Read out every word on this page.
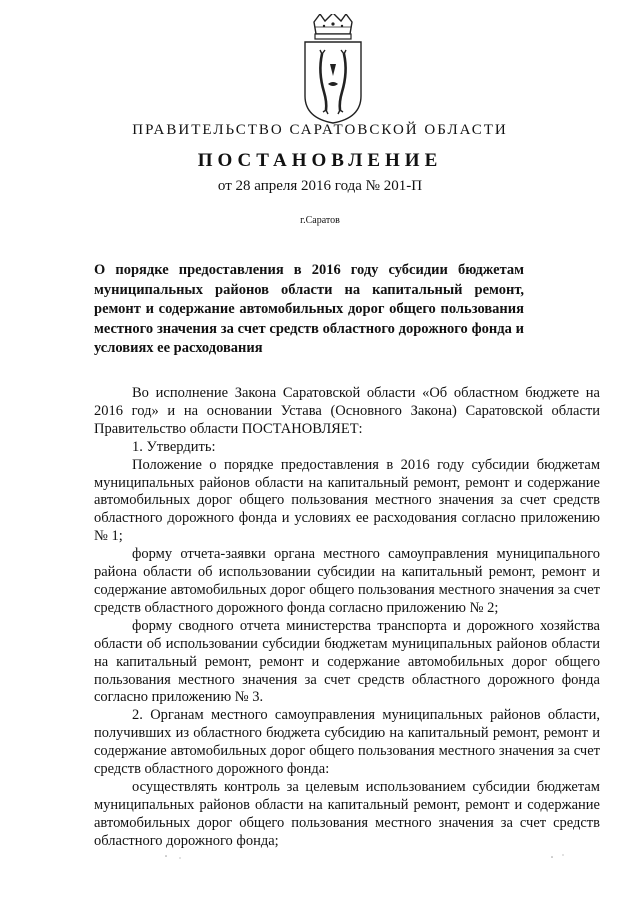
ПРАВИТЕЛЬСТВО САРАТОВСКОЙ ОБЛАСТИ
ПОСТАНОВЛЕНИЕ
от 28 апреля 2016 года № 201-П
г.Саратов
О порядке предоставления в 2016 году субсидии бюджетам муниципальных районов области на капитальный ремонт, ремонт и содержание автомобильных дорог общего пользования местного значения за счет средств областного дорожного фонда и условиях ее расходования

Во исполнение Закона Саратовской области «Об областном бюджете на 2016 год» и на основании Устава (Основного Закона) Саратовской области Правительство области ПОСТАНОВЛЯЕТ:

1. Утвердить:

Положение о порядке предоставления в 2016 году субсидии бюджетам муниципальных районов области на капитальный ремонт, ремонт и содержание автомобильных дорог общего пользования местного значения за счет средств областного дорожного фонда и условиях ее расходования согласно приложению № 1;

форму отчета-заявки органа местного самоуправления муниципального района области об использовании субсидии на капитальный ремонт, ремонт и содержание автомобильных дорог общего пользования местного значения за счет средств областного дорожного фонда согласно приложению № 2;

форму сводного отчета министерства транспорта и дорожного хозяйства области об использовании субсидии бюджетам муниципальных районов области на капитальный ремонт, ремонт и содержание автомобильных дорог общего пользования местного значения за счет средств областного дорожного фонда согласно приложению № 3.

2. Органам местного самоуправления муниципальных районов области, получивших из областного бюджета субсидию на капитальный ремонт, ремонт и содержание автомобильных дорог общего пользования местного значения за счет средств областного дорожного фонда:

осуществлять контроль за целевым использованием субсидии бюджетам муниципальных районов области на капитальный ремонт, ремонт и содержание автомобильных дорог общего пользования местного значения за счет средств областного дорожного фонда;
